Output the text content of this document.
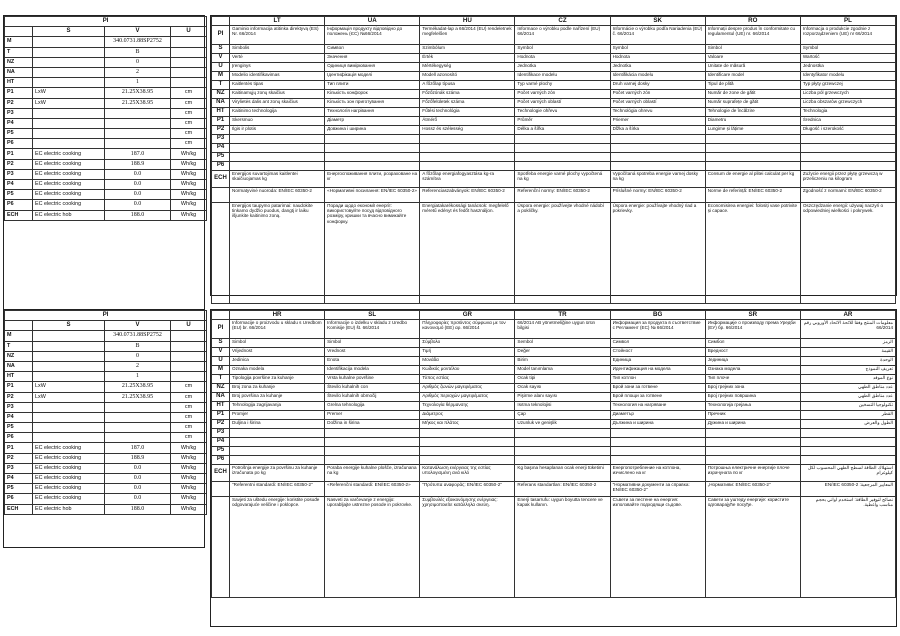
PI			
	S	V	U
M		340.0731.88SP2752	
T		B	
NZ		0	
NA		2	
HT		1	
P1	LxW	21.25X38.95	cm
P2	LxW	21.25X38.95	cm
P3			cm
P4			cm
P5			cm
P6			cm
P1	EC electric cooking	187.0	Wh/kg
P2	EC electric cooking	188.9	Wh/kg
P3	EC electric cooking	0.0	Wh/kg
P4	EC electric cooking	0.0	Wh/kg
P5	EC electric cooking	0.0	Wh/kg
P6	EC electric cooking	0.0	Wh/kg
ECH	EC electric hob	188.0	Wh/kg
PI			
	S	V	U
M		340.0731.88SP2752	
T		B	
NZ		0	
NA		2	
HT		1	
P1	LxW	21.25X38.95	cm
P2	LxW	21.25X38.95	cm
P3			cm
P4			cm
P5			cm
P6			cm
P1	EC electric cooking	187.0	Wh/kg
P2	EC electric cooking	188.9	Wh/kg
P3	EC electric cooking	0.0	Wh/kg
P4	EC electric cooking	0.0	Wh/kg
P5	EC electric cooking	0.0	Wh/kg
P6	EC electric cooking	0.0	Wh/kg
ECH	EC electric hob	188.0	Wh/kg
	LT	UA	HU	CZ	SK	RO	PL
PI	Gaminio informacija atitinka direktyvą (ES) Nr. 66/2014	Інформація продукту відповідно до положень (ЄС) №66/2014	Termékadat-lap a 66/2014 (EU) rendeletnek megfelelően	Informace o výrobku podle nařízení (EU) 66/2014	Informácie o výrobku podľa Nariadenia (EÚ) č. 66/2014	Informații despre produs în conformitate cu regulamentul (UE) nr. 66/2014	Informacja o produkcie zgodnie z rozporządzeniem (UE) nr 66/2014
S	Simbolis	Символ	Szimbólum	Symbol	Symbol	Simbol	Symbol
V	Vertė	Значення	Érték	Hodnota	Hodnota	Valoare	Wartość
U	Įrenginys	Одиниця вимірювання	Mértékegység	Jednotka	Jednotka	Unitate de măsură	Jednostka
M	Modelio identifikavimas	Ідентифікація моделі	Modell azonosító	Identifikace modelu	Identifikácia modelu	Identificare model	Identyfikator modelu
T	Kaitlentės tipas	Тип плити	A főzőlap típusa	Typ varné plochy	Druh varnej dosky	Tipul de plită	Typ płyty grzewczej
NZ	Kaitinamųjų zonų skaičius	Кількість конфорок	Főzőzónák száma	Počet varných zón	Počet varných zón	Număr de zone de gătit	Liczba pól grzewczych
NA	Virylietės dalis ant zonų skaičius	Кількість зон приготування	Főzőfelületek száma	Počet varných oblastí	Počet varných oblastí	Număr suprafețe de gătit	Liczba obszarów grzewczych
HT	Kaitinimo technologija	Технологія нагрівання	Fűtési technológia	Technologie ohřevu	Technológia ohrevu	Tehnologie de încălzire	Technologia
P1	Skersmuo	Діаметр	Átmérő	Průměr	Priemer	Diametru	Średnica
P2	Ilgis ir plotis	Довжина і ширина	Hossz és szélesség	Délka a šířka	Dĺžka a šírka	Lungime și lățime	Długość i szerokość
P3							
P4							
P5							
P6							
ECH	Energijos suvartojimas kaitlentei skaičiuojamas kg	Енергоспоживання плити, розраховане на кг	A főzőlap energiafogyasztása kg-ra számítva	Spotřeba energie varné plochy vypočtená na kg	Vypočítaná spotreba energie varnej dosky na kg	Consum de energie al plitei calculat per kg	Zużycie energii przez płytę grzewczą w przeliczeniu na kilogram
	Normatyvinė nuoroda: EN/IEC 60350-2	«Нормативні посилання: EN/IEC 60350-2»	Referenciaszabványok: EN/IEC 60350-2	Referenční normy: EN/IEC 60350-2	Príslušné normy: EN/IEC 60350-2	Norme de referință: EN/IEC 60350-2	Zgodność z normami: EN/IEC 60350-2
	Energijos taupymo patarimai: naudokite tinkamo dydžio puodus, dangtį ir laiku išjunkite kaitinimo zoną.	Поради щодо економії енергії: використовуйте посуд відповідного розміру, кришки та вчасно вимикайте конфорку.	Energiatakarékossági tanácsok: megfelelő méretű edényt és fedőt használjon.	Úspora energie: používejte vhodné nádobí a pokličky.	Úspora energie: používajte vhodný riad a pokrievky.	Economisirea energiei: folosiți vase potrivite și capace.	Oszczędzanie energii: używaj naczyń o odpowiedniej wielkości i pokrywek.
	HR	SL	GR	TR	BG	SR	AR
PI	Informacije o proizvodu u skladu s Uredbom (EU) br. 66/2014	Informacije o izdelku v skladu z Uredbo Komisije (EU) št. 66/2014	Πληροφορίες προϊόντος σύμφωνα με τον κανονισμό (ΕΕ) αρ. 66/2014	66/2014 AB yönetmeliğine uygun ürün bilgisi	Информация за продукта в съответствие с Регламент (ЕС) № 66/2014	Информације о производу према Уредби (ЕУ) бр. 66/2014	معلومات المنتج وفقا للائحة الاتحاد الأوروبي رقم 66/2014
S	Simbol	Simbol	Σύμβολο	Sembol	Символ	Симбол	الرمز
V	Vrijednost	Vrednost	Τιμή	Değer	Стойност	Вредност	القيمة
U	Jedinica	Enota	Μονάδα	Birim	Единица	Јединица	الوحدة
M	Oznaka modela	Identifikacija modela	Κωδικός μοντέλου	Model tanımlama	Идентификация на модела	Ознака модела	تعريف النموذج
T	Tipologija površine za kuhanje	Vrsta kuhalne površine	Τύπος εστίας	Ocak tipi	Тип котлон	Тип плоче	نوع الموقد
NZ	Broj zona za kuhanje	Število kuhalnih con	Αριθμός ζωνών μαγειρέματος	Ocak sayısı	Брой зони за готвене	Број грејних зона	عدد مناطق الطهي
NA	Broj površina za kuhanje	Število kuhalnih območij	Αριθμός περιοχών μαγειρέματος	Pişirme alanı sayısı	Брой площи за готвене	Број грејних површина	عدد مناطق الطهي
HT	Tehnologija zagrijavanja	Grelna tehnologija	Τεχνολογία θέρμανσης	Isıtma teknolojisi	Технология на нагряване	Технологија грејања	تكنولوجيا التسخين
P1	Promjer	Premer	Διάμετρος	Çap	Диаметър	Пречник	القطر
P2	Duljina i širina	Dolžina in širina	Μήκος και πλάτος	Uzunluk ve genişlik	Дължина и ширина	Дужина и ширина	الطول والعرض
P3							
P4							
P5							
P6							
ECH	Potrošnja energije za površinu za kuhanje izračunata po kg	Poraba energije kuhalne plošče, izračunana na kg	Κατανάλωση ενέργειας της εστίας υπολογισμένη ανά κιλό	Kg başına hesaplanan ocak enerji tüketimi	Енергопотребление на котлона, изчислено на кг	Потрошња електричне енергије плоче израчуната по кг	استهلاك الطاقة لسطح الطهي المحسوب لكل كيلوغرام
	"Referentni standardi: EN/IEC 60350-2"	«Referenčni standardi: EN/IEC 60350-2»	"Πρότυπα αναφοράς: EN/IEC 60350-2"	Referans standartları: EN/IEC 60350-2	"Нормативни документи за справка: EN/IEC 60350-2"	„Нормативи: EN/IEC 60350-2"	المعايير المرجعية: EN/IEC 60350-2
	Savjeti za uštedu energije: koristite posuđe odgovarajuće veličine i poklopce.	Nasveti za varčevanje z energijo: uporabljajte ustrezne posode in pokrovke.	Συμβουλές εξοικονόμησης ενέργειας: χρησιμοποιείτε κατάλληλα σκεύη.	Enerji tasarrufu: uygun boyutta tencere ve kapak kullanın.	Съвети за пестене на енергия: използвайте подходящи съдове.	Савети за уштеду енергије: користите одговарајуће посуђе.	نصائح لتوفير الطاقة: استخدم أواني بحجم مناسب وأغطية.
